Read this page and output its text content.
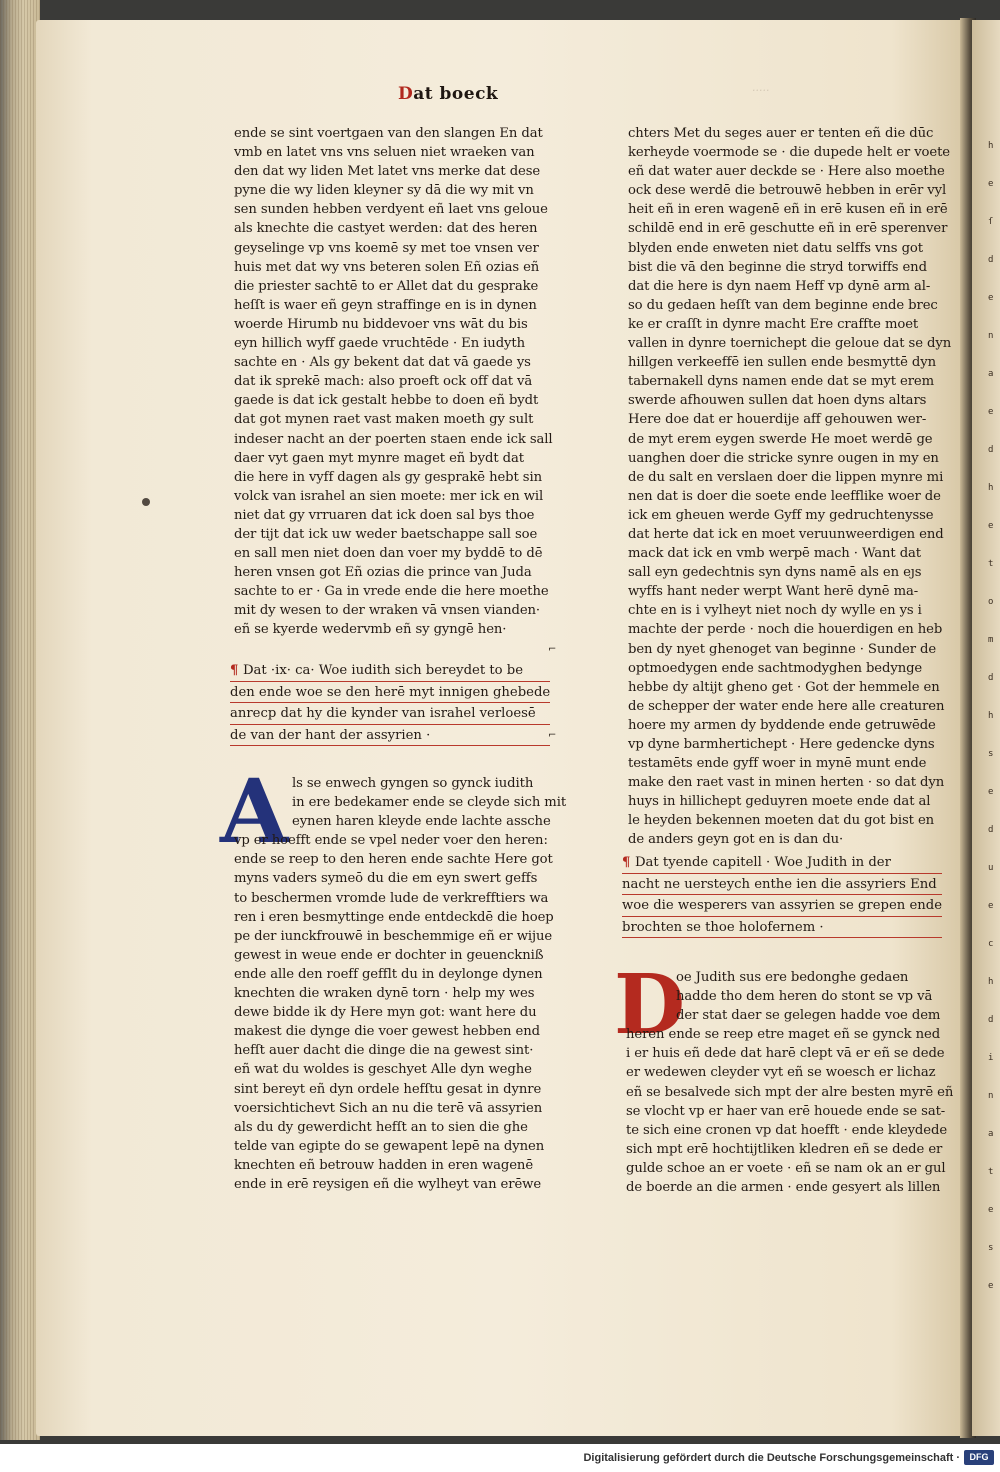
h
e
ſ
d
e
n
a
e
d
h
e
t
o
m
d
h
s
e
d
u
e
c
h
d
i
n
a
t
e
s
e
Dat boeck	·····
⌐
⌐
ende se sint voertgaen van den slangen En dat
vmb en latet vns vns seluen niet wraeken van
den dat wy liden Met latet vns merke dat dese
pyne die wy liden kleyner sy dā die wy mit vn
sen sunden hebben verdyent eñ laet vns geloue
als knechte die castyet werden: dat des heren
geyselinge vp vns koemē sy met toe vnsen ver
huis met dat wy vns beteren solen Eñ ozias eñ
die priester sachtē to er Allet dat du gesprake
heſſt is waer eñ geyn straffinge en is in dynen
woerde Hirumb nu biddevoer vns wāt du bis
eyn hillich wyff gaede vruchtēde · En iudyth
sachte en · Als gy bekent dat dat vā gaede ys
dat ik sprekē mach: also proeft ock off dat vā
gaede is dat ick gestalt hebbe to doen eñ bydt
dat got mynen raet vast maken moeth gy sult
indeser nacht an der poerten staen ende ick sall
daer vyt gaen myt mynre maget eñ bydt dat
die here in vyff dagen als gy gesprakē hebt sin
volck van israhel an sien moete: mer ick en wil
niet dat gy vrruaren dat ick doen sal bys thoe
der tijt dat ick uw weder baetschappe sall soe
en sall men niet doen dan voer my byddē to dē
heren vnsen got Eñ ozias die prince van Juda
sachte to er · Ga in vrede ende die here moethe
mit dy wesen to der wraken vā vnsen vianden·
eñ se kyerde wedervmb eñ sy gyngē hen·
¶ Dat ·ix· ca· Woe iudith sich bereydet to be
den ende woe se den herē myt innigen ghebede
anrecp dat hy die kynder van israhel verloesē
de van der hant der assyrien ·
A ls se enwech gyngen so gynck iudith
in ere bedekamer ende se cleyde sich mit
eynen haren kleyde ende lachte assche
vp er hoefft ende se vpel neder voer den heren:
ende se reep to den heren ende sachte Here got
myns vaders symeō du die em eyn swert geffs
to beschermen vromde lude de verkrefftiers wa
ren i eren besmyttinge ende entdeckdē die hoep
pe der iunckfrouwē in beschemmige eñ er wijue
gewest in weue ende er dochter in geuenckniß
ende alle den roeff gefflt du in deylonge dynen
knechten die wraken dynē torn · help my wes
dewe bidde ik dy Here myn got: want here du
makest die dynge die voer gewest hebben end
hefſt auer dacht die dinge die na gewest sint·
eñ wat du woldes is geschyet Alle dyn weghe
sint bereyt eñ dyn ordele hefſtu gesat in dynre
voersichtichevt Sich an nu die terē vā assyrien
als du dy gewerdicht hefſt an to sien die ghe
telde van egipte do se gewapent lepē na dynen
knechten eñ betrouw hadden in eren wagenē
ende in erē reysigen eñ die wylheyt van erēwe
chters Met du seges auer er tenten eñ die dūc
kerheyde voermode se · die dupede helt er voete
eñ dat water auer deckde se · Here also moethe
ock dese werdē die betrouwē hebben in erēr vyl
heit eñ in eren wagenē eñ in erē kusen eñ in erē
schildē end in erē geschutte eñ in erē sperenver
blyden ende enweten niet datu selffs vns got
bist die vā den beginne die stryd torwiffs end
dat die here is dyn naem Heff vp dynē arm al-
so du gedaen heſſt van dem beginne ende brec
ke er craſſt in dynre macht Ere craffte moet
vallen in dynre toernichept die geloue dat se dyn
hillgen verkeeffē ien sullen ende besmyttē dyn
tabernakell dyns namen ende dat se myt erem
swerde afhouwen sullen dat hoen dyns altars
Here doe dat er houerdije aff gehouwen wer-
de myt erem eygen swerde He moet werdē ge
uanghen doer die stricke synre ougen in my en
de du salt en verslaen doer die lippen mynre mi
nen dat is doer die soete ende leefflike woer de
ick em gheuen werde Gyff my gedruchtenysse
dat herte dat ick en moet veruunweerdigen end
mack dat ick en vmb werpē mach · Want dat
sall eyn gedechtnis syn dyns namē als en eȷs
wyffs hant neder werpt Want herē dynē ma-
chte en is i vylheyt niet noch dy wylle en ys i
machte der perde · noch die houerdigen en heb
ben dy nyet ghenoget van beginne · Sunder de
optmoedygen ende sachtmodyghen bedynge
hebbe dy altijt gheno get · Got der hemmele en
de schepper der water ende here alle creaturen
hoere my armen dy byddende ende getruwēde
vp dyne barmhertichept · Here gedencke dyns
testamēts ende gyff woer in mynē munt ende
make den raet vast in minen herten · so dat dyn
huys in hillichept geduyren moete ende dat al
le heyden bekennen moeten dat du got bist en
de anders geyn got en is dan du·
¶ Dat tyende capitell · Woe Judith in der
nacht ne uersteych enthe ien die assyriers End
woe die wesperers van assyrien se grepen ende
brochten se thoe holofernem ·
D
oe Judith sus ere bedonghe gedaen
hadde tho dem heren do stont se vp vā
der stat daer se gelegen hadde voe dem
heren ende se reep etre maget eñ se gynck ned
i er huis eñ dede dat harē clept vā er eñ se dede
er wedewen cleyder vyt eñ se woesch er lichaz
eñ se besalvede sich mpt der alre besten myrē eñ
se vlocht vp er haer van erē houede ende se sat-
te sich eine cronen vp dat hoefft · ende kleydede
sich mpt erē hochtijtliken kledren eñ se dede er
gulde schoe an er voete · eñ se nam ok an er gul
de boerde an die armen · ende gesyert als lillen
Digitalisierung gefördert durch die Deutsche Forschungsgemeinschaft ·	DFG
